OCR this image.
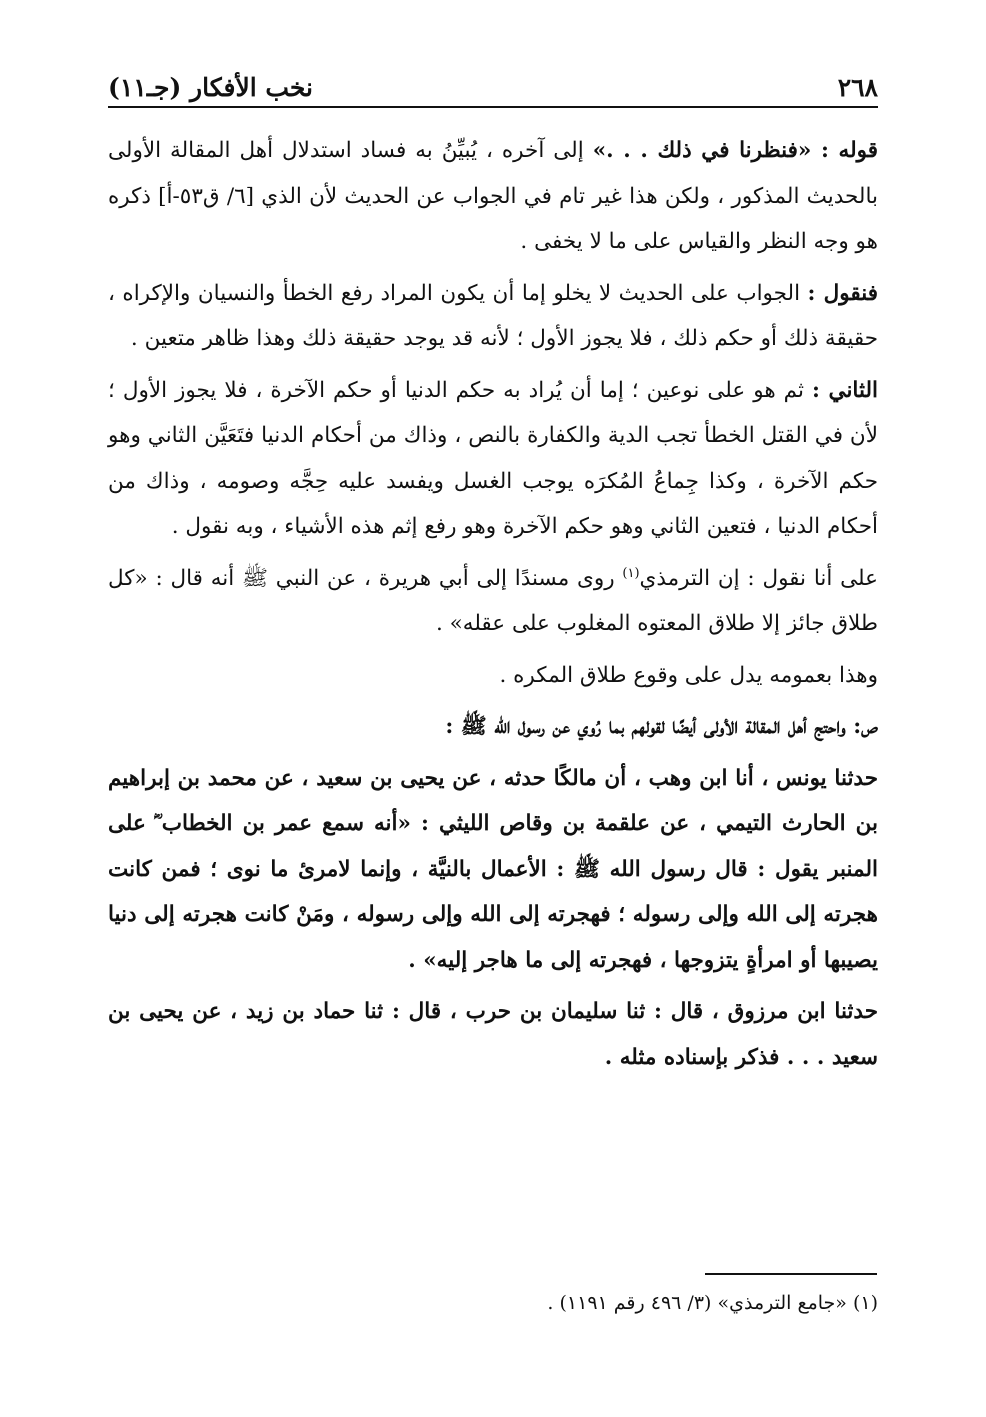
٢٦٨
نخب الأفكار (جـ١١)

قوله : «فنظرنا في ذلك . . .» إلى آخره ، يُبيِّنُ به فساد استدلال أهل المقالة الأولى بالحديث المذكور ، ولكن هذا غير تام في الجواب عن الحديث لأن الذي [٦/ ق٥٣-أ] ذكره هو وجه النظر والقياس على ما لا يخفى .

فنقول : الجواب على الحديث لا يخلو إما أن يكون المراد رفع الخطأ والنسيان والإكراه ، حقيقة ذلك أو حكم ذلك ، فلا يجوز الأول ؛ لأنه قد يوجد حقيقة ذلك وهذا ظاهر متعين .

الثاني : ثم هو على نوعين ؛ إما أن يُراد به حكم الدنيا أو حكم الآخرة ، فلا يجوز الأول ؛ لأن في القتل الخطأ تجب الدية والكفارة بالنص ، وذاك من أحكام الدنيا فتَعَيَّن الثاني وهو حكم الآخرة ، وكذا جِماعُ المُكرَه يوجب الغسل ويفسد عليه حِجَّه وصومه ، وذاك من أحكام الدنيا ، فتعين الثاني وهو حكم الآخرة وهو رفع إثم هذه الأشياء ، وبه نقول .

على أنا نقول : إن الترمذي$^{(١)}$ روى مسندًا إلى أبي هريرة ، عن النبي ﷺ أنه قال : «كل طلاق جائز إلا طلاق المعتوه المغلوب على عقله» .

وهذا بعمومه يدل على وقوع طلاق المكره .

ص: واحتج أهل المقالة الأولى أيضًا لقولهم بما رُوي عن رسول الله ﷺ :

حدثنا يونس ، أنا ابن وهب ، أن مالكًا حدثه ، عن يحيى بن سعيد ، عن محمد بن إبراهيم بن الحارث التيمي ، عن علقمة بن وقاص الليثي : «أنه سمع عمر بن الخطاب ؓ على المنبر يقول : قال رسول الله ﷺ : الأعمال بالنيَّة ، وإنما لامرئ ما نوى ؛ فمن كانت هجرته إلى الله وإلى رسوله ؛ فهجرته إلى الله وإلى رسوله ، ومَنْ كانت هجرته إلى دنيا يصيبها أو امرأةٍ يتزوجها ، فهجرته إلى ما هاجر إليه» .

حدثنا ابن مرزوق ، قال : ثنا سليمان بن حرب ، قال : ثنا حماد بن زيد ، عن يحيى بن سعيد . . . فذكر بإسناده مثله .

(١) «جامع الترمذي» (٣/ ٤٩٦ رقم ١١٩١) .
